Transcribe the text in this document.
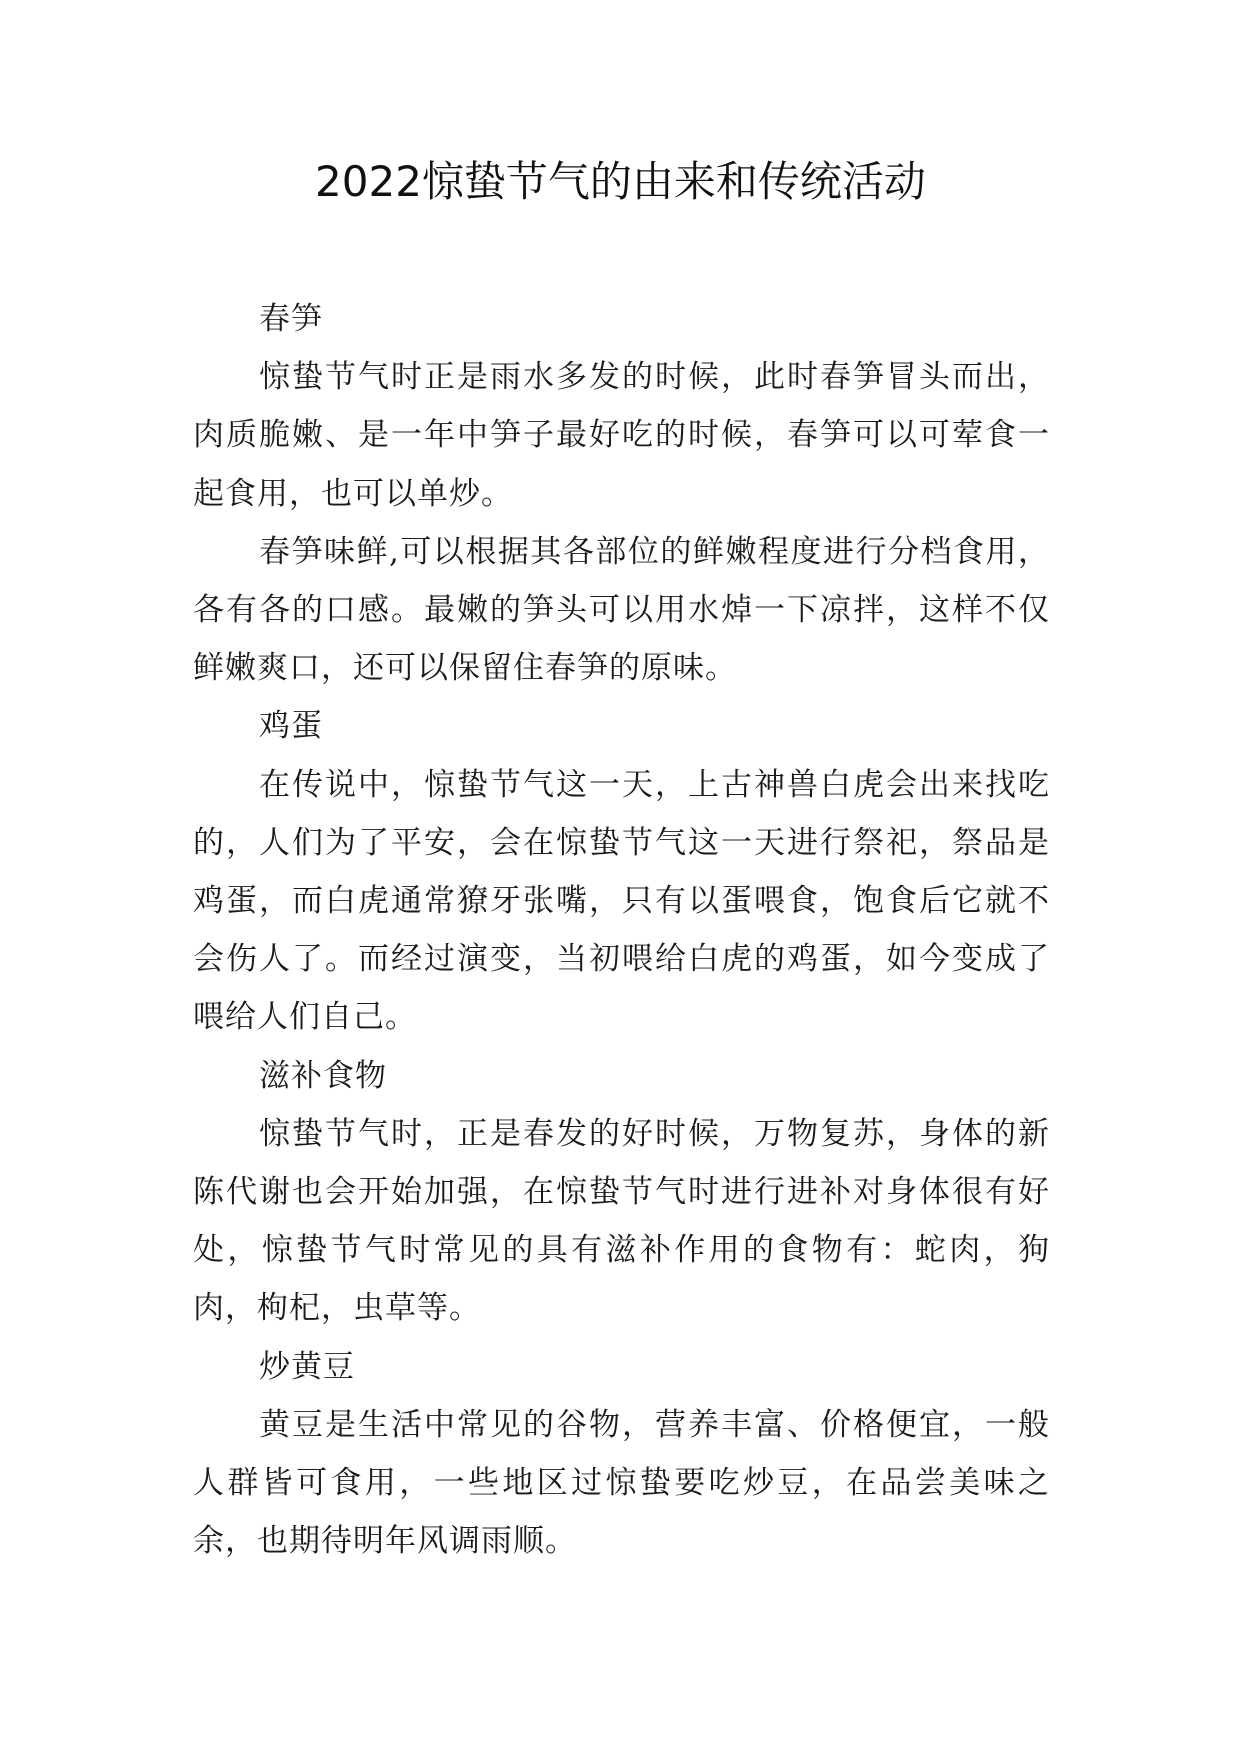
2022惊蛰节气的由来和传统活动

春笋

惊蛰节气时正是雨水多发的时候，此时春笋冒头而出，肉质脆嫩、是一年中笋子最好吃的时候，春笋可以可荤食一起食用，也可以单炒。

春笋味鲜,可以根据其各部位的鲜嫩程度进行分档食用，各有各的口感。最嫩的笋头可以用水焯一下凉拌，这样不仅鲜嫩爽口，还可以保留住春笋的原味。

鸡蛋

在传说中，惊蛰节气这一天，上古神兽白虎会出来找吃的，人们为了平安，会在惊蛰节气这一天进行祭祀，祭品是鸡蛋，而白虎通常獠牙张嘴，只有以蛋喂食，饱食后它就不会伤人了。而经过演变，当初喂给白虎的鸡蛋，如今变成了喂给人们自己。

滋补食物

惊蛰节气时，正是春发的好时候，万物复苏，身体的新陈代谢也会开始加强，在惊蛰节气时进行进补对身体很有好处，惊蛰节气时常见的具有滋补作用的食物有：蛇肉，狗肉，枸杞，虫草等。

炒黄豆

黄豆是生活中常见的谷物，营养丰富、价格便宜，一般人群皆可食用，一些地区过惊蛰要吃炒豆，在品尝美味之余，也期待明年风调雨顺。
